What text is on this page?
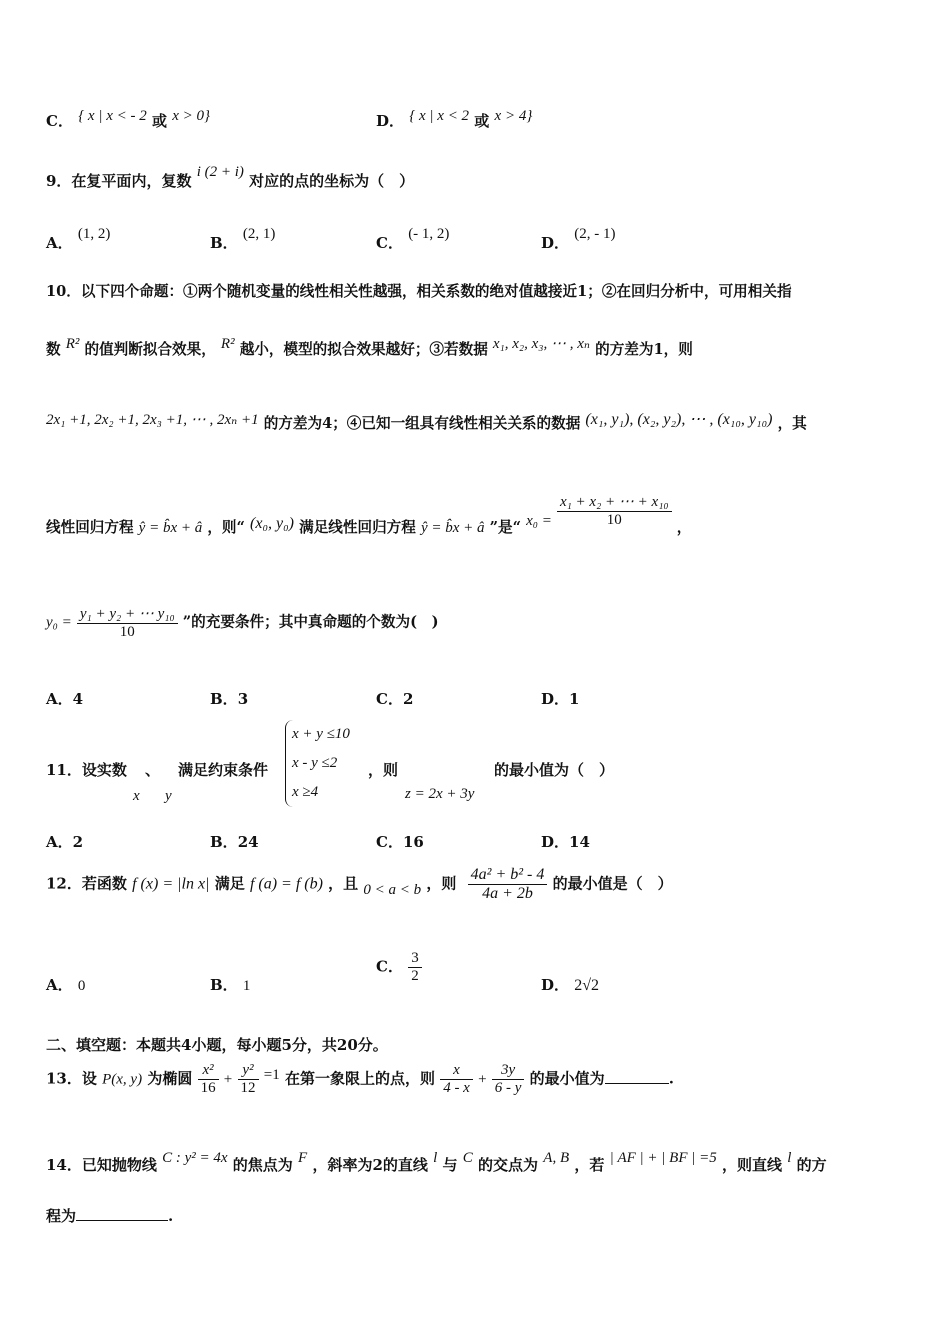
C． { x | x < - 2 或 x > 0}	D． { x | x < 2 或 x > 4}
9．在复平面内，复数 i (2 + i) 对应的点的坐标为（　）
A． (1, 2)	B． (2, 1)	C． (- 1, 2)	D． (2, - 1)
10．以下四个命题：①两个随机变量的线性相关性越强，相关系数的绝对值越接近1；②在回归分析中，可用相关指
数 R² 的值判断拟合效果， R² 越小，模型的拟合效果越好；③若数据 x₁, x₂, x₃, ⋯ , xₙ 的方差为1，则
2x₁ +1, 2x₂ +1, 2x₃ +1, ⋯ , 2xₙ +1 的方差为4；④已知一组具有线性相关关系的数据 (x₁, y₁), (x₂, y₂), ⋯ , (x₁₀, y₁₀) ，其
线性回归方程 ŷ = b̂x + â ，则“ (x₀, y₀) 满足线性回归方程 ŷ = b̂x + â ”是“ $x_0 = \frac{\text{x₁ + x₂ + ⋯ + x₁₀}}{10}$ ，
$y_0 = \frac{\text{y₁ + y₂ + ⋯ y₁₀}}{10}$ ”的充要条件；其中真命题的个数为(　)
A．4	B．3	C．2	D．1
11．设实数 、 满足约束条件
x y
x + y ≤10
x - y ≤2
x ≥4
，则
z = 2x + 3y
的最小值为（　）
A．2	B．24	C．16	D．14
12．若函数 f (x) = |ln x| 满足 f (a) = f (b) ，且 0 < a < b ，则 $\frac{\text{4a² + b² - 4}}{4a + 2b}$ 的最小值是（　）
A． 0	B． 1
C． $\frac{3}{2}$	D． 2√2
二、填空题：本题共4小题，每小题5分，共20分。
13．设 P(x, y) 为椭圆 $\frac{\text{x²}}{16} + \frac{\text{y²}}{12} =1$ 在第一象限上的点，则 $\frac{x}{4 - x} + \frac{3y}{6 - y}$ 的最小值为	.
14．已知抛物线 C : y² = 4x 的焦点为 F ，斜率为2的直线 l 与 C 的交点为 A, B ，若 | AF | + | BF | =5 ，则直线 l 的方
程为	.
